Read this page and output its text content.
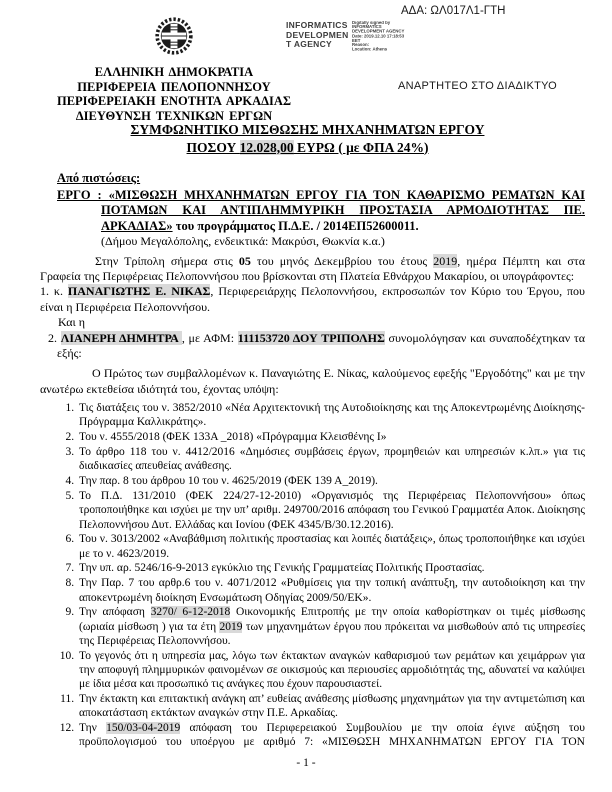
ΑΔΑ: ΩΛ017Λ1-ΓΤΗ
ΕΛΛΗΝΙΚΗ ΔΗΜΟΚΡΑΤΙΑ
ΠΕΡΙΦΕΡΕΙΑ ΠΕΛΟΠΟΝΝΗΣΟΥ
ΠΕΡΙΦΕΡΕΙΑΚΗ ΕΝΟΤΗΤΑ ΑΡΚΑΔΙΑΣ
ΔΙΕΥΘΥΝΣΗ ΤΕΧΝΙΚΩΝ ΕΡΓΩΝ
INFORMATICS
DEVELOPMEN
T AGENCY
Digitally signed by
INFORMATICS
DEVELOPMENT AGENCY
Date: 2019.12.10 17:18:53
EET
Reason:
Location: Athens
ΑΝΑΡΤΗΤΕΟ ΣΤΟ ΔΙΑΔΙΚΤΥΟ
ΣΥΜΦΩΝΗΤΙΚΟ ΜΙΣΘΩΣΗΣ ΜΗΧΑΝΗΜΑΤΩΝ ΕΡΓΟΥ
ΠΟΣΟΥ 12.028,00 ΕΥΡΩ ( με ΦΠΑ 24%)
Από πιστώσεις:
ΕΡΓΟ : «ΜΙΣΘΩΣΗ ΜΗΧΑΝΗΜΑΤΩΝ ΕΡΓΟΥ ΓΙΑ ΤΟΝ ΚΑΘΑΡΙΣΜΟ ΡΕΜΑΤΩΝ ΚΑΙ ΠΟΤΑΜΩΝ ΚΑΙ ΑΝΤΙΠΛΗΜΜΥΡΙΚΗ ΠΡΟΣΤΑΣΙΑ ΑΡΜΟΔΙΟΤΗΤΑΣ ΠΕ. ΑΡΚΑΔΙΑΣ» του προγράμματος Π.Δ.Ε. / 2014ΕΠ52600011.
(Δήμου Μεγαλόπολης, ενδεικτικά: Μακρύσι, Θωκνία κ.α.)
Στην Τρίπολη σήμερα στις 05 του μηνός Δεκεμβρίου του έτους 2019, ημέρα Πέμπτη και στα Γραφεία της Περιφέρειας Πελοποννήσου που βρίσκονται στη Πλατεία Εθνάρχου Μακαρίου, οι υπογράφοντες:
1. κ. ΠΑΝΑΓΙΩΤΗΣ Ε. ΝΙΚΑΣ, Περιφερειάρχης Πελοποννήσου, εκπροσωπών τον Κύριο του Έργου, που είναι η Περιφέρεια Πελοποννήσου.
Και η
2. ΛΙΑΝΕΡΗ ΔΗΜΗΤΡΑ , με ΑΦΜ: 111153720 ΔΟΥ ΤΡΙΠΟΛΗΣ συνομολόγησαν και συναποδέχτηκαν τα εξής:
Ο Πρώτος των συμβαλλομένων κ. Παναγιώτης Ε. Νίκας, καλούμενος εφεξής "Εργοδότης" και με την ανωτέρω εκτεθείσα ιδιότητά του, έχοντας υπόψη:
1. Τις διατάξεις του ν. 3852/2010 «Νέα Αρχιτεκτονική της Αυτοδιοίκησης και της Αποκεντρωμένης Διοίκησης- Πρόγραμμα Καλλικράτης».
2. Του ν. 4555/2018 (ΦΕΚ 133Α _2018) «Πρόγραμμα Κλεισθένης Ι»
3. Το άρθρο 118 του ν. 4412/2016 «Δημόσιες συμβάσεις έργων, προμηθειών και υπηρεσιών κ.λπ.» για τις διαδικασίες απευθείας ανάθεσης.
4. Την παρ. 8 του άρθρου 10 του ν. 4625/2019 (ΦΕΚ 139 Α_2019).
5. Το Π.Δ. 131/2010 (ΦΕΚ 224/27-12-2010) «Οργανισμός της Περιφέρειας Πελοποννήσου» όπως τροποποιήθηκε και ισχύει με την υπ’ αριθμ. 249700/2016 απόφαση του Γενικού Γραμματέα Αποκ. Διοίκησης Πελοποννήσου Δυτ. Ελλάδας και Ιονίου (ΦΕΚ 4345/Β/30.12.2016).
6. Του ν. 3013/2002 «Αναβάθμιση πολιτικής προστασίας και λοιπές διατάξεις», όπως τροποποιήθηκε και ισχύει με το ν. 4623/2019.
7. Την υπ. αρ. 5246/16-9-2013 εγκύκλιο της Γενικής Γραμματείας Πολιτικής Προστασίας.
8. Την Παρ. 7 του αρθρ.6 του ν. 4071/2012 «Ρυθμίσεις για την τοπική ανάπτυξη, την αυτοδιοίκηση και την αποκεντρωμένη διοίκηση Ενσωμάτωση Οδηγίας 2009/50/ΕΚ».
9. Την απόφαση 3270/ 6-12-2018 Οικονομικής Επιτροπής με την οποία καθορίστηκαν οι τιμές μίσθωσης (ωριαία μίσθωση ) για τα έτη 2019 των μηχανημάτων έργου που πρόκειται να μισθωθούν από τις υπηρεσίες της Περιφέρειας Πελοποννήσου.
10. Το γεγονός ότι η υπηρεσία μας, λόγω των έκτακτων αναγκών καθαρισμού των ρεμάτων και χειμάρρων για την αποφυγή πλημμυρικών φαινομένων σε οικισμούς και περιουσίες αρμοδιότητάς της, αδυνατεί να καλύψει με ίδια μέσα και προσωπικό τις ανάγκες που έχουν παρουσιαστεί.
11. Την έκτακτη και επιτακτική ανάγκη απ’ ευθείας ανάθεσης μίσθωσης μηχανημάτων για την αντιμετώπιση και αποκατάσταση εκτάκτων αναγκών στην Π.Ε. Αρκαδίας.
12. Την 150/03-04-2019 απόφαση του Περιφερειακού Συμβουλίου με την οποία έγινε αύξηση του προϋπολογισμού του υποέργου με αριθμό 7: «ΜΙΣΘΩΣΗ ΜΗΧΑΝΗΜΑΤΩΝ ΕΡΓΟΥ ΓΙΑ ΤΟΝ
- 1 -
